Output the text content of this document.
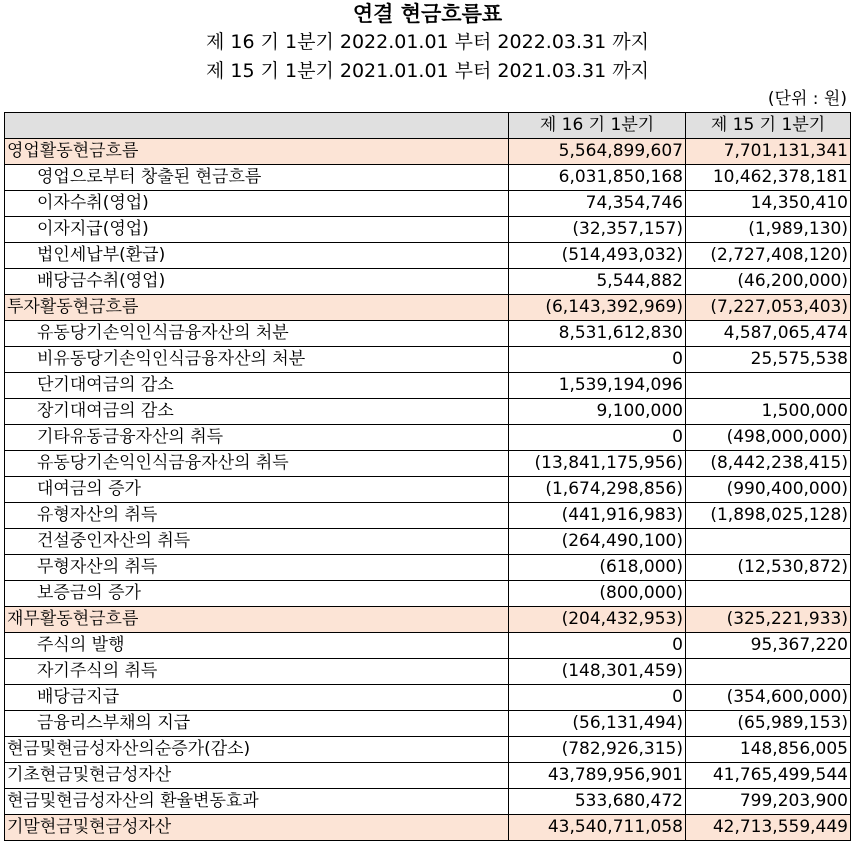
연결 현금흐름표
제 16 기 1분기 2022.01.01 부터 2022.03.31 까지
제 15 기 1분기 2021.01.01 부터 2021.03.31 까지
(단위 : 원)
	제 16 기 1분기	제 15 기 1분기
영업활동현금흐름	5,564,899,607	7,701,131,341
영업으로부터 창출된 현금흐름	6,031,850,168	10,462,378,181
이자수취(영업)	74,354,746	14,350,410
이자지급(영업)	(32,357,157)	(1,989,130)
법인세납부(환급)	(514,493,032)	(2,727,408,120)
배당금수취(영업)	5,544,882	(46,200,000)
투자활동현금흐름	(6,143,392,969)	(7,227,053,403)
유동당기손익인식금융자산의 처분	8,531,612,830	4,587,065,474
비유동당기손익인식금융자산의 처분	0	25,575,538
단기대여금의 감소	1,539,194,096	
장기대여금의 감소	9,100,000	1,500,000
기타유동금융자산의 취득	0	(498,000,000)
유동당기손익인식금융자산의 취득	(13,841,175,956)	(8,442,238,415)
대여금의 증가	(1,674,298,856)	(990,400,000)
유형자산의 취득	(441,916,983)	(1,898,025,128)
건설중인자산의 취득	(264,490,100)	
무형자산의 취득	(618,000)	(12,530,872)
보증금의 증가	(800,000)	
재무활동현금흐름	(204,432,953)	(325,221,933)
주식의 발행	0	95,367,220
자기주식의 취득	(148,301,459)	
배당금지급	0	(354,600,000)
금융리스부채의 지급	(56,131,494)	(65,989,153)
현금및현금성자산의순증가(감소)	(782,926,315)	148,856,005
기초현금및현금성자산	43,789,956,901	41,765,499,544
현금및현금성자산의 환율변동효과	533,680,472	799,203,900
기말현금및현금성자산	43,540,711,058	42,713,559,449
